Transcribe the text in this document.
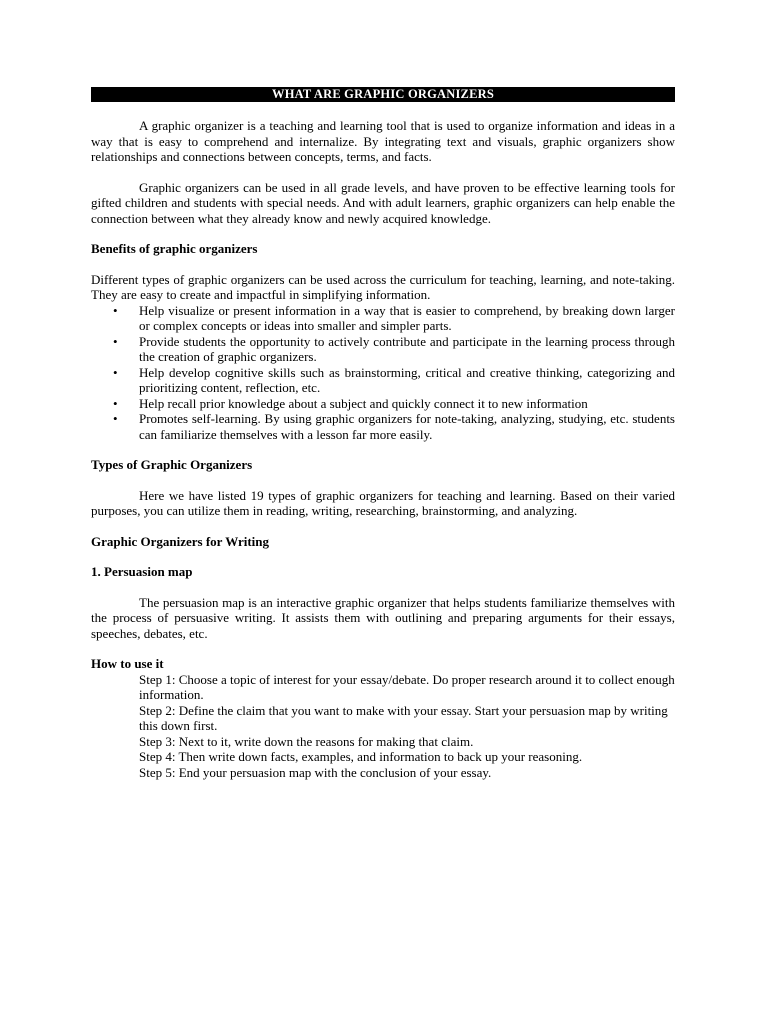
WHAT ARE GRAPHIC ORGANIZERS

A graphic organizer is a teaching and learning tool that is used to organize information and ideas in a way that is easy to comprehend and internalize. By integrating text and visuals, graphic organizers show relationships and connections between concepts, terms, and facts.

Graphic organizers can be used in all grade levels, and have proven to be effective learning tools for gifted children and students with special needs. And with adult learners, graphic organizers can help enable the connection between what they already know and newly acquired knowledge.

Benefits of graphic organizers

Different types of graphic organizers can be used across the curriculum for teaching, learning, and note-taking. They are easy to create and impactful in simplifying information.

• Help visualize or present information in a way that is easier to comprehend, by breaking down larger or complex concepts or ideas into smaller and simpler parts.
• Provide students the opportunity to actively contribute and participate in the learning process through the creation of graphic organizers.
• Help develop cognitive skills such as brainstorming, critical and creative thinking, categorizing and prioritizing content, reflection, etc.
• Help recall prior knowledge about a subject and quickly connect it to new information
• Promotes self-learning. By using graphic organizers for note-taking, analyzing, studying, etc. students can familiarize themselves with a lesson far more easily.

Types of Graphic Organizers

Here we have listed 19 types of graphic organizers for teaching and learning. Based on their varied purposes, you can utilize them in reading, writing, researching, brainstorming, and analyzing.

Graphic Organizers for Writing

1. Persuasion map

The persuasion map is an interactive graphic organizer that helps students familiarize themselves with the process of persuasive writing. It assists them with outlining and preparing arguments for their essays, speeches, debates, etc.

How to use it

Step 1: Choose a topic of interest for your essay/debate. Do proper research around it to collect enough information.
Step 2: Define the claim that you want to make with your essay. Start your persuasion map by writing this down first.
Step 3: Next to it, write down the reasons for making that claim.
Step 4: Then write down facts, examples, and information to back up your reasoning.
Step 5: End your persuasion map with the conclusion of your essay.
